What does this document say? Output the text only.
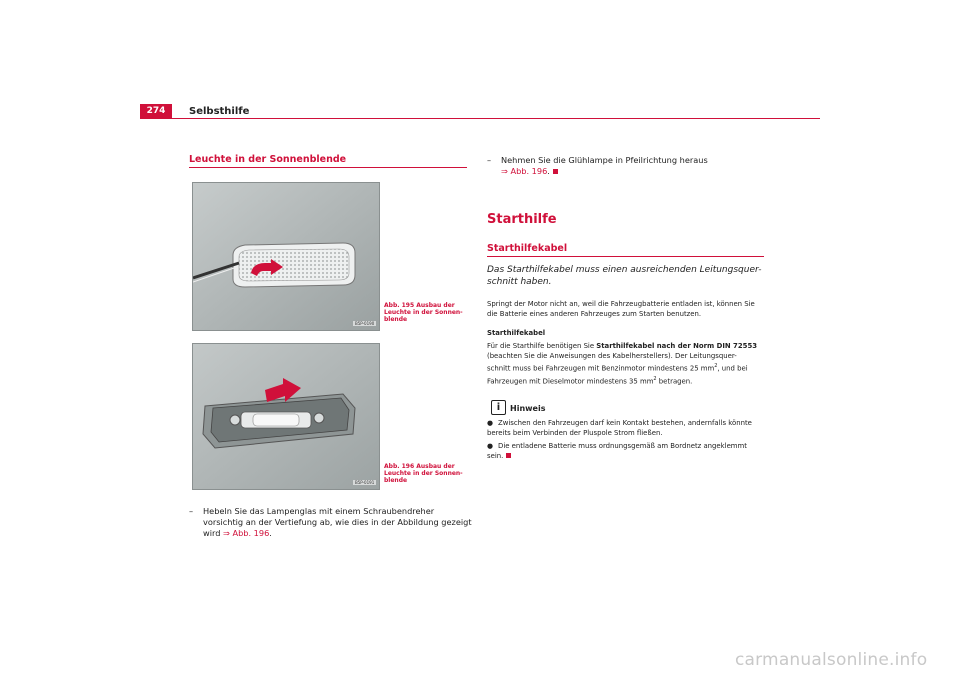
274	Selbsthilfe
Leuchte in der Sonnenblende
B5P-0190
Abb. 195 Ausbau der
Leuchte in der Sonnen-
blende
B5P-0191
Abb. 196 Ausbau der
Leuchte in der Sonnen-
blende
– Hebeln Sie das Lampenglas mit einem Schraubendreher
vorsichtig an der Vertiefung ab, wie dies in der Abbildung gezeigt
wird ⇒ Abb. 196.
– Nehmen Sie die Glühlampe in Pfeilrichtung heraus
⇒ Abb. 196.
Starthilfe
Starthilfekabel
Das Starthilfekabel muss einen ausreichenden Leitungsquer-
schnitt haben.
Springt der Motor nicht an, weil die Fahrzeugbatterie entladen ist, können Sie
die Batterie eines anderen Fahrzeuges zum Starten benutzen.
Starthilfekabel
Für die Starthilfe benötigen Sie Starthilfekabel nach der Norm DIN 72553
(beachten Sie die Anweisungen des Kabelherstellers). Der Leitungsquer-
schnitt muss bei Fahrzeugen mit Benzinmotor mindestens 25 $mm^2$, und bei
Fahrzeugen mit Dieselmotor mindestens 35 $mm^2$ betragen.
i	Hinweis
● Zwischen den Fahrzeugen darf kein Kontakt bestehen, andernfalls könnte
bereits beim Verbinden der Pluspole Strom fließen.
● Die entladene Batterie muss ordnungsgemäß am Bordnetz angeklemmt
sein.
carmanualsonline.info
